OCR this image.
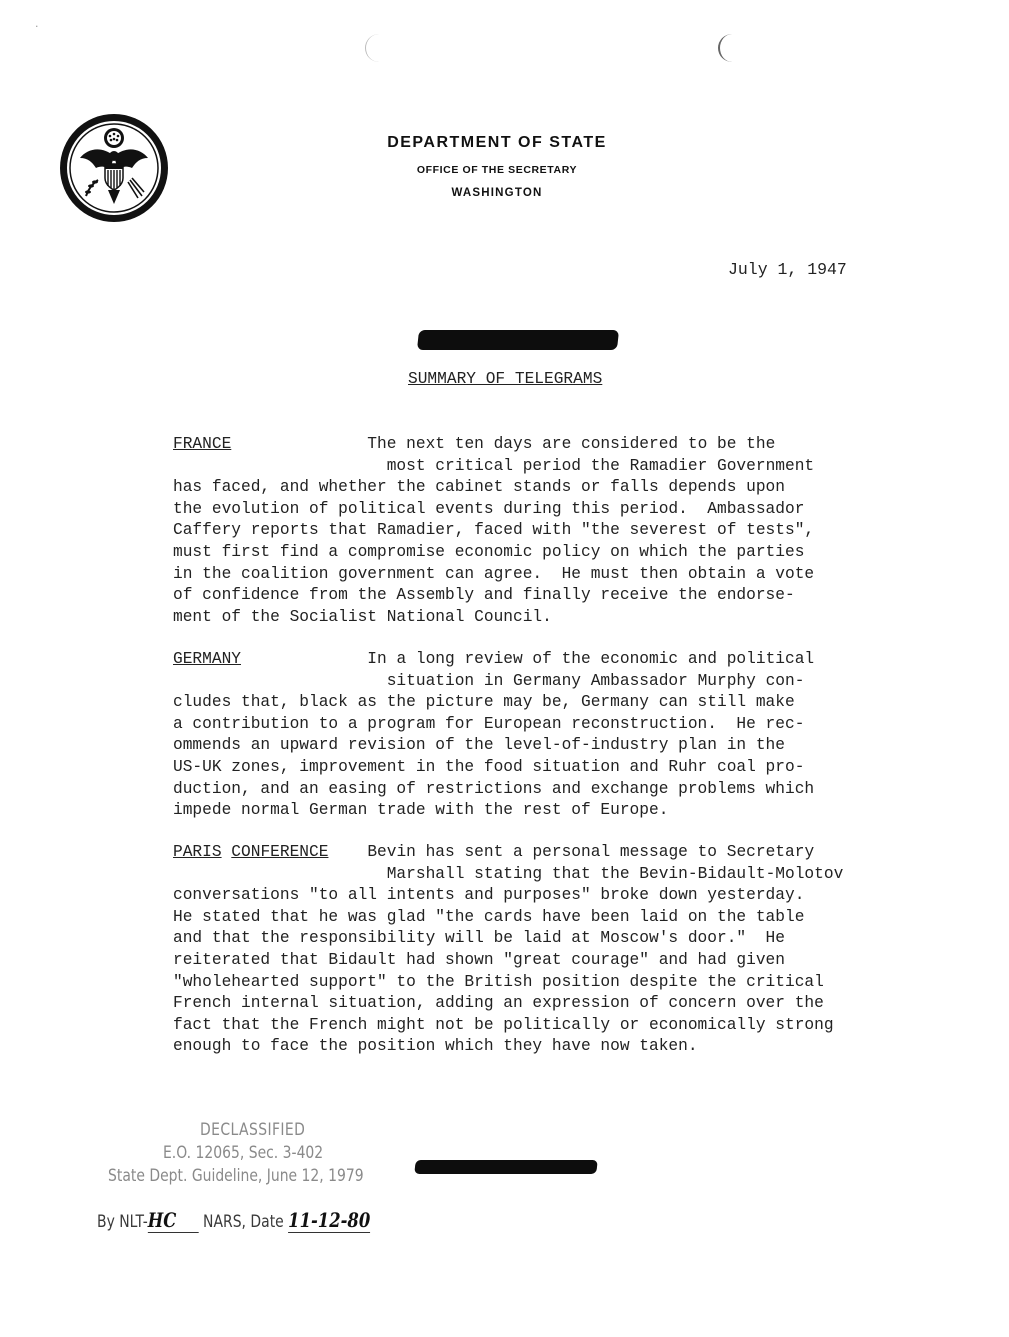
·
DEPARTMENT OF STATE
OFFICE OF THE SECRETARY
WASHINGTON
July 1, 1947
SUMMARY OF TELEGRAMS
FRANCE	The next ten days are considered to be the
most critical period the Ramadier Government
has faced, and whether the cabinet stands or falls depends upon
the evolution of political events during this period.  Ambassador
Caffery reports that Ramadier, faced with "the severest of tests",
must first find a compromise economic policy on which the parties
in the coalition government can agree.  He must then obtain a vote
of confidence from the Assembly and finally receive the endorse-
ment of the Socialist National Council.
GERMANY	In a long review of the economic and political
situation in Germany Ambassador Murphy con-
cludes that, black as the picture may be, Germany can still make
a contribution to a program for European reconstruction.  He rec-
ommends an upward revision of the level-of-industry plan in the
US-UK zones, improvement in the food situation and Ruhr coal pro-
duction, and an easing of restrictions and exchange problems which
impede normal German trade with the rest of Europe.
PARIS CONFERENCE Bevin has sent a personal message to Secretary
Marshall stating that the Bevin-Bidault-Molotov
conversations "to all intents and purposes" broke down yesterday.
He stated that he was glad "the cards have been laid on the table
and that the responsibility will be laid at Moscow's door."  He
reiterated that Bidault had shown "great courage" and had given
"wholehearted support" to the British position despite the critical
French internal situation, adding an expression of concern over the
fact that the French might not be politically or economically strong
enough to face the position which they have now taken.
DECLASSIFIED
E.O. 12065, Sec. 3-402
State Dept. Guideline, June 12, 1979
By NLT-HC NARS, Date 11-12-80
